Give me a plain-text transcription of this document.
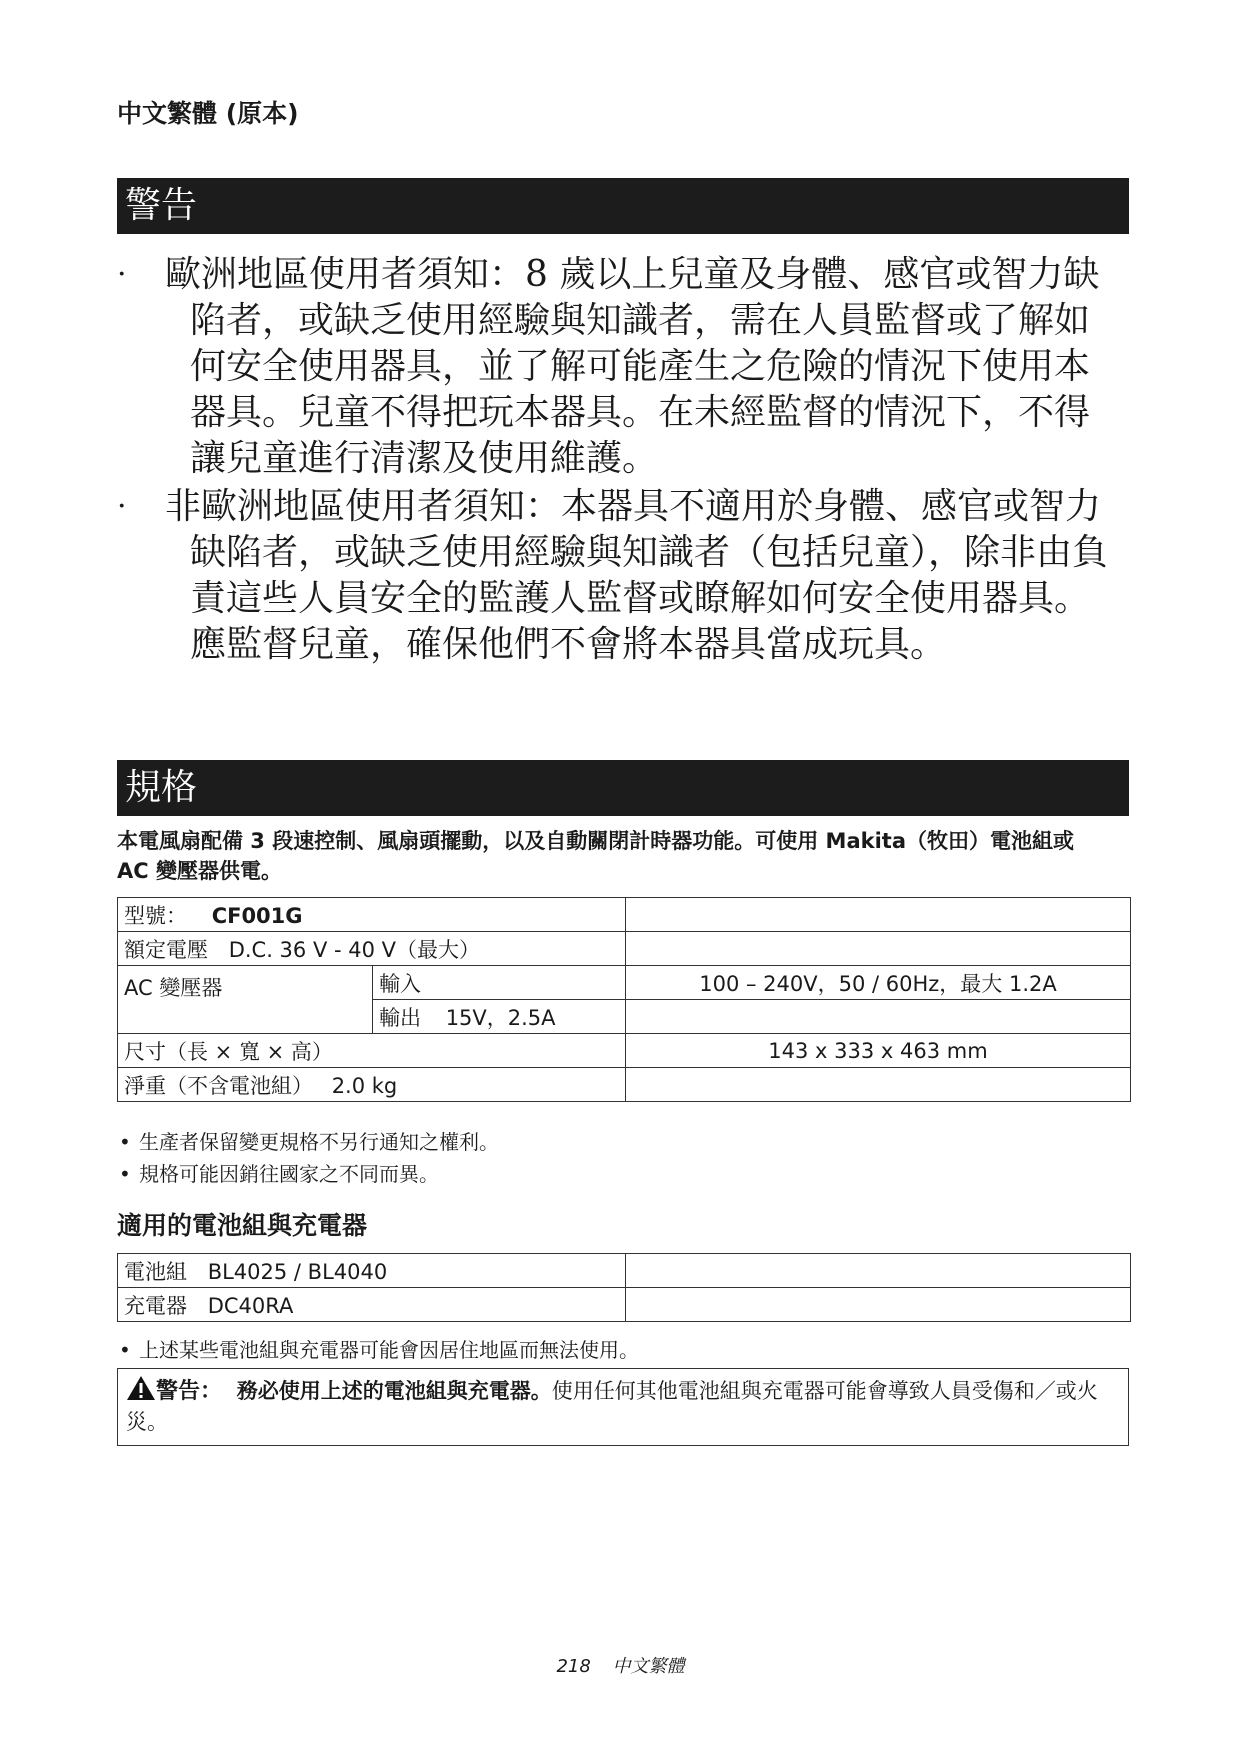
中文繁體 (原本)
警告
· 歐洲地區使用者須知：8 歲以上兒童及身體、感官或智力缺陷者，或缺乏使用經驗與知識者，需在人員監督或了解如何安全使用器具，並了解可能產生之危險的情況下使用本器具。兒童不得把玩本器具。在未經監督的情況下，不得讓兒童進行清潔及使用維護。
· 非歐洲地區使用者須知：本器具不適用於身體、感官或智力缺陷者，或缺乏使用經驗與知識者（包括兒童），除非由負責這些人員安全的監護人監督或瞭解如何安全使用器具。應監督兒童，確保他們不會將本器具當成玩具。
規格
本電風扇配備 3 段速控制、風扇頭擺動，以及自動關閉計時器功能。可使用 Makita（牧田）電池組或 AC 變壓器供電。
型號： CF001G		
額定電壓 D.C. 36 V - 40 V（最大）		
AC 變壓器	輸入	100 – 240V，50 / 60Hz，最大 1.2A
	輸出 15V，2.5A	
尺寸（長 × 寬 × 高）		143 x 333 x 463 mm
淨重（不含電池組） 2.0 kg		
• 生產者保留變更規格不另行通知之權利。
• 規格可能因銷往國家之不同而異。
適用的電池組與充電器
電池組 BL4025 / BL4040	
充電器 DC40RA	
• 上述某些電池組與充電器可能會因居住地區而無法使用。
警告： 務必使用上述的電池組與充電器。使用任何其他電池組與充電器可能會導致人員受傷和／或火災。
218 中文繁體
